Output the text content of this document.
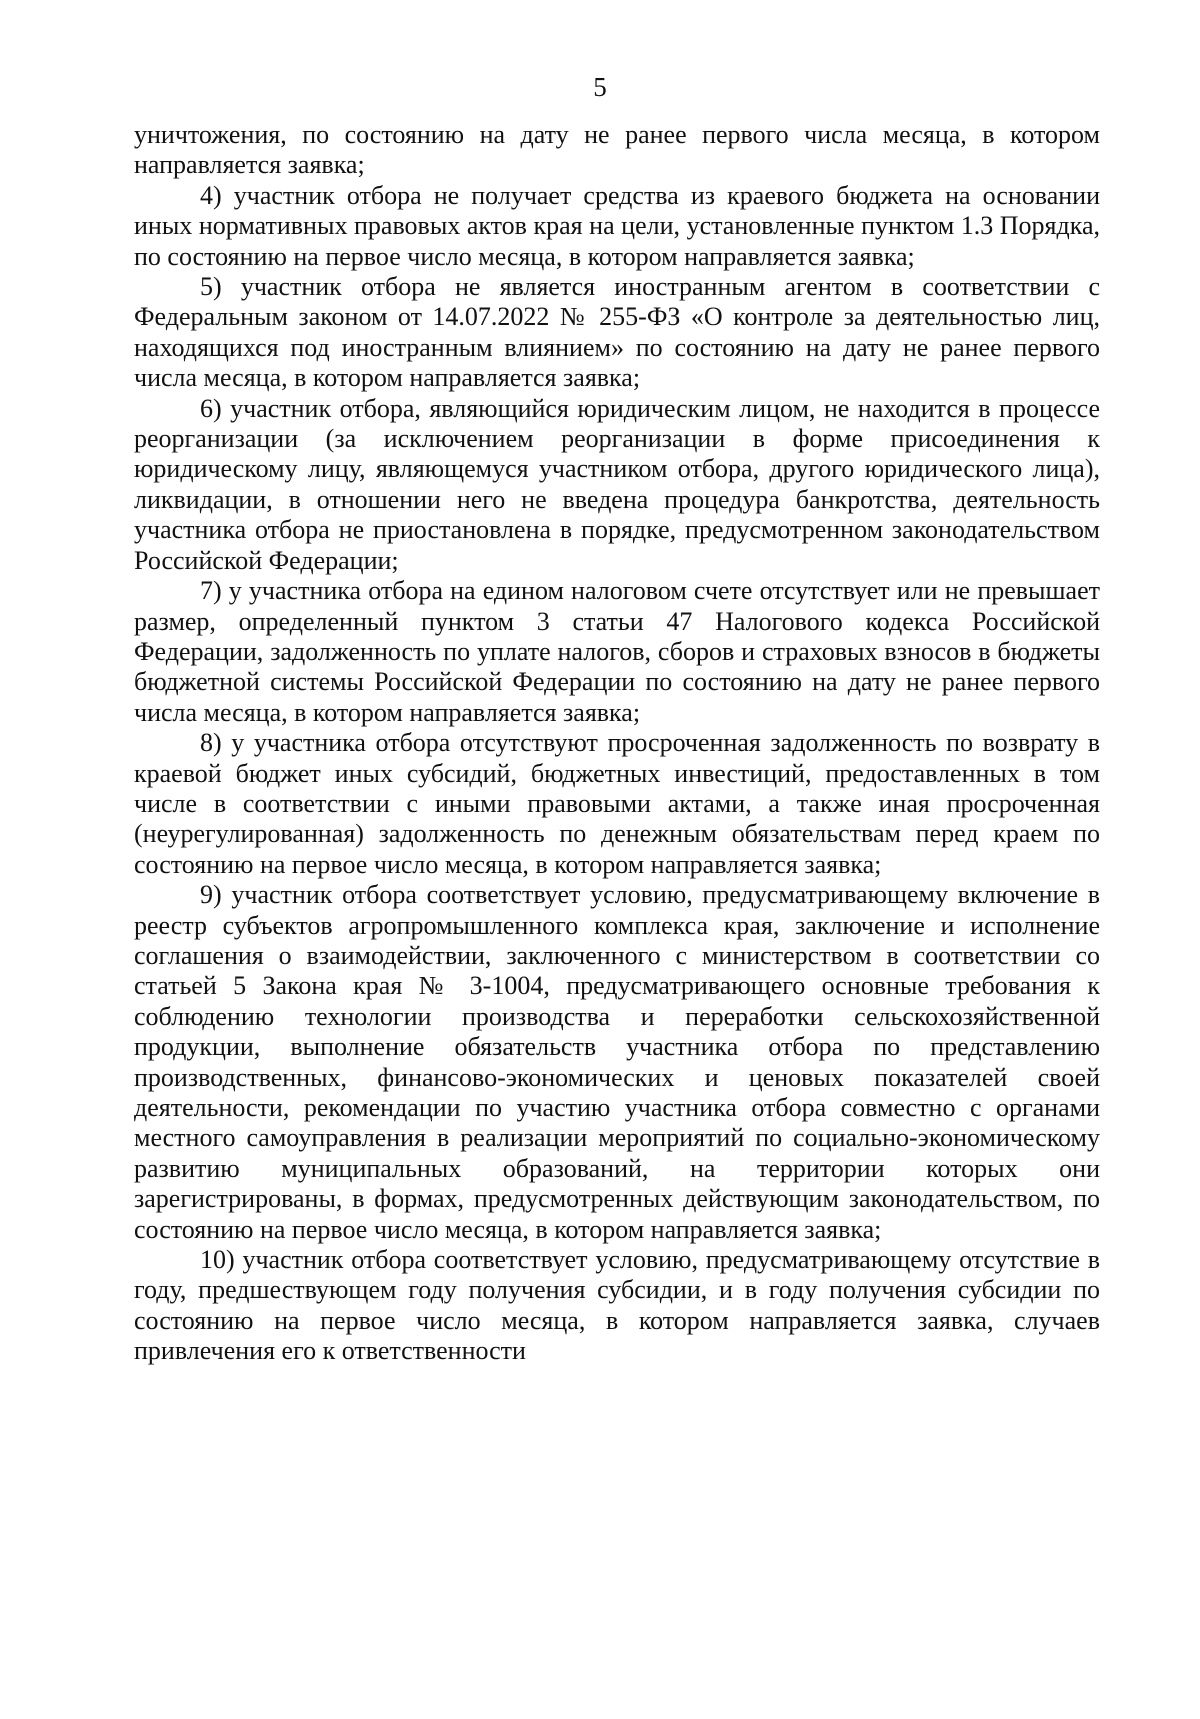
5

уничтожения, по состоянию на дату не ранее первого числа месяца, в котором направляется заявка;

4) участник отбора не получает средства из краевого бюджета на основании иных нормативных правовых актов края на цели, установленные пунктом 1.3 Порядка, по состоянию на первое число месяца, в котором направляется заявка;

5) участник отбора не является иностранным агентом в соответствии с Федеральным законом от 14.07.2022 № 255-ФЗ «О контроле за деятельностью лиц, находящихся под иностранным влиянием» по состоянию на дату не ранее первого числа месяца, в котором направляется заявка;

6) участник отбора, являющийся юридическим лицом, не находится в процессе реорганизации (за исключением реорганизации в форме присоединения к юридическому лицу, являющемуся участником отбора, другого юридического лица), ликвидации, в отношении него не введена процедура банкротства, деятельность участника отбора не приостановлена в порядке, предусмотренном законодательством Российской Федерации;

7) у участника отбора на едином налоговом счете отсутствует или не превышает размер, определенный пунктом 3 статьи 47 Налогового кодекса Российской Федерации, задолженность по уплате налогов, сборов и страховых взносов в бюджеты бюджетной системы Российской Федерации по состоянию на дату не ранее первого числа месяца, в котором направляется заявка;

8) у участника отбора отсутствуют просроченная задолженность по возврату в краевой бюджет иных субсидий, бюджетных инвестиций, предоставленных в том числе в соответствии с иными правовыми актами, а также иная просроченная (неурегулированная) задолженность по денежным обязательствам перед краем по состоянию на первое число месяца, в котором направляется заявка;

9) участник отбора соответствует условию, предусматривающему включение в реестр субъектов агропромышленного комплекса края, заключение и исполнение соглашения о взаимодействии, заключенного с министерством в соответствии со статьей 5 Закона края № 3-1004, предусматривающего основные требования к соблюдению технологии производства и переработки сельскохозяйственной продукции, выполнение обязательств участника отбора по представлению производственных, финансово-экономических и ценовых показателей своей деятельности, рекомендации по участию участника отбора совместно с органами местного самоуправления в реализации мероприятий по социально-экономическому развитию муниципальных образований, на территории которых они зарегистрированы, в формах, предусмотренных действующим законодательством, по состоянию на первое число месяца, в котором направляется заявка;

10) участник отбора соответствует условию, предусматривающему отсутствие в году, предшествующем году получения субсидии, и в году получения субсидии по состоянию на первое число месяца, в котором направляется заявка, случаев привлечения его к ответственности
